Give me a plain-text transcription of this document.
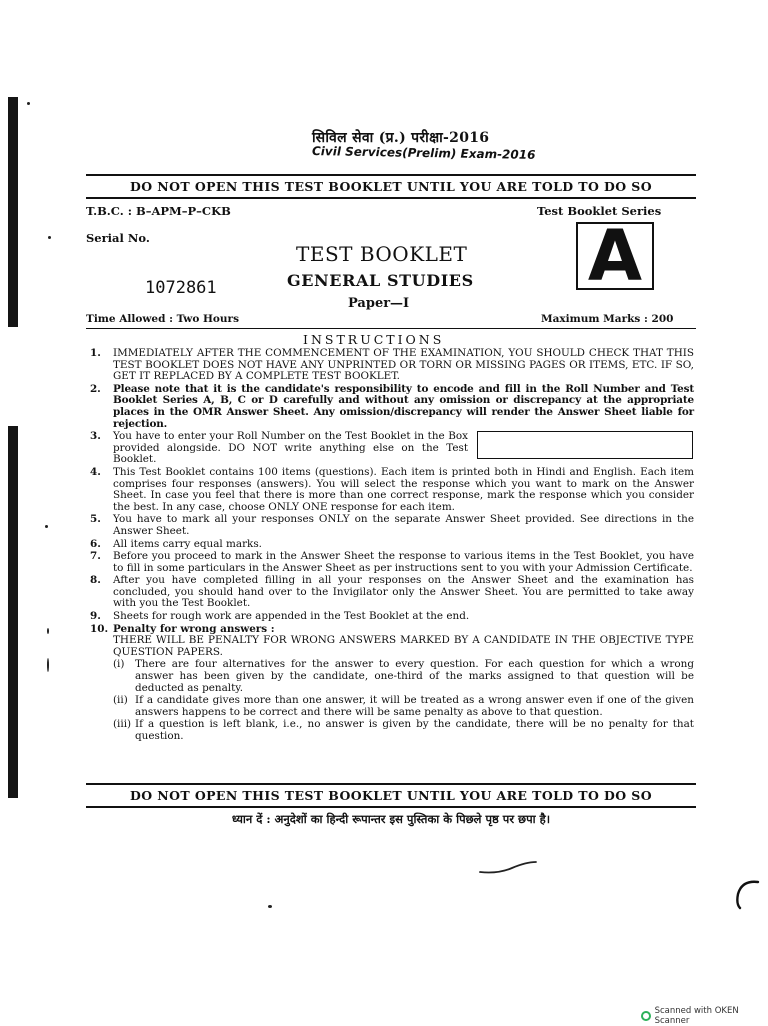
सिविल सेवा (प्र.) परीक्षा-2016
Civil Services(Prelim) Exam-2016
DO NOT OPEN THIS TEST BOOKLET UNTIL YOU ARE TOLD TO DO SO
T.B.C. : B–APM–P–CKB	Test Booklet Series
Serial No.	A
TEST BOOKLET
GENERAL STUDIES
Paper—I
1072861
Time Allowed : Two Hours	Maximum Marks : 200
INSTRUCTIONS
1. IMMEDIATELY AFTER THE COMMENCEMENT OF THE EXAMINATION, YOU SHOULD CHECK THAT THIS TEST BOOKLET DOES NOT HAVE ANY UNPRINTED OR TORN OR MISSING PAGES OR ITEMS, ETC. IF SO, GET IT REPLACED BY A COMPLETE TEST BOOKLET.
2. Please note that it is the candidate's responsibility to encode and fill in the Roll Number and Test Booklet Series A, B, C or D carefully and without any omission or discrepancy at the appropriate places in the OMR Answer Sheet. Any omission/discrepancy will render the Answer Sheet liable for rejection.
3. You have to enter your Roll Number on the Test Booklet in the Box provided alongside. DO NOT write anything else on the Test Booklet.
4. This Test Booklet contains 100 items (questions). Each item is printed both in Hindi and English. Each item comprises four responses (answers). You will select the response which you want to mark on the Answer Sheet. In case you feel that there is more than one correct response, mark the response which you consider the best. In any case, choose ONLY ONE response for each item.
5. You have to mark all your responses ONLY on the separate Answer Sheet provided. See directions in the Answer Sheet.
6. All items carry equal marks.
7. Before you proceed to mark in the Answer Sheet the response to various items in the Test Booklet, you have to fill in some particulars in the Answer Sheet as per instructions sent to you with your Admission Certificate.
8. After you have completed filling in all your responses on the Answer Sheet and the examination has concluded, you should hand over to the Invigilator only the Answer Sheet. You are permitted to take away with you the Test Booklet.
9. Sheets for rough work are appended in the Test Booklet at the end.
10. Penalty for wrong answers :
THERE WILL BE PENALTY FOR WRONG ANSWERS MARKED BY A CANDIDATE IN THE OBJECTIVE TYPE QUESTION PAPERS.
(i) There are four alternatives for the answer to every question. For each question for which a wrong answer has been given by the candidate, one-third of the marks assigned to that question will be deducted as penalty.
(ii) If a candidate gives more than one answer, it will be treated as a wrong answer even if one of the given answers happens to be correct and there will be same penalty as above to that question.
(iii) If a question is left blank, i.e., no answer is given by the candidate, there will be no penalty for that question.
DO NOT OPEN THIS TEST BOOKLET UNTIL YOU ARE TOLD TO DO SO
ध्यान दें : अनुदेशों का हिन्दी रूपान्तर इस पुस्तिका के पिछले पृष्ठ पर छपा है।
Scanned with OKEN Scanner
